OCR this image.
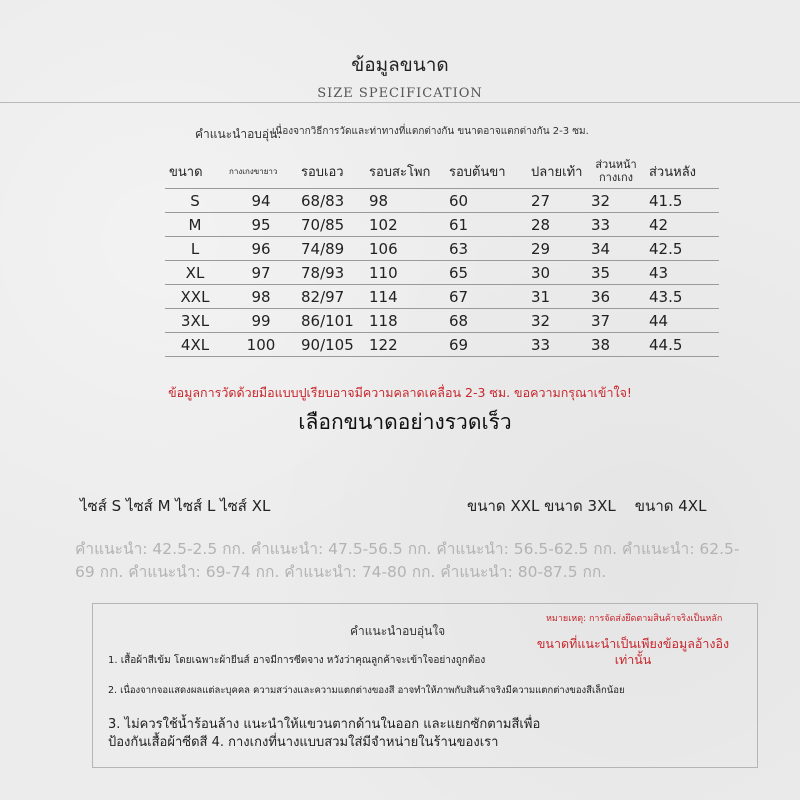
ข้อมูลขนาด
SIZE SPECIFICATION
คำแนะนำอบอุ่น:
เนื่องจากวิธีการวัดและท่าทางที่แตกต่างกัน ขนาดอาจแตกต่างกัน 2-3 ซม.
ขนาด	กางเกงขายาว	รอบเอว	รอบสะโพก	รอบต้นขา	ปลายเท้า	ส่วนหน้ากางเกง	ส่วนหลัง
S	94	68/83	98	60	27	32	41.5
M	95	70/85	102	61	28	33	42
L	96	74/89	106	63	29	34	42.5
XL	97	78/93	110	65	30	35	43
XXL	98	82/97	114	67	31	36	43.5
3XL	99	86/101	118	68	32	37	44
4XL	100	90/105	122	69	33	38	44.5
ข้อมูลการวัดด้วยมือแบบปูเรียบอาจมีความคลาดเคลื่อน 2-3 ซม. ขอความกรุณาเข้าใจ!
เลือกขนาดอย่างรวดเร็ว
ไซส์ S ไซส์ M ไซส์ L ไซส์ XL	ขนาด XXL ขนาด 3XL    ขนาด 4XL
คำแนะนำ: 42.5-2.5 กก. คำแนะนำ: 47.5-56.5 กก. คำแนะนำ: 56.5-62.5 กก. คำแนะนำ: 62.5-69 กก. คำแนะนำ: 69-74 กก. คำแนะนำ: 74-80 กก. คำแนะนำ: 80-87.5 กก.
คำแนะนำอบอุ่นใจ
หมายเหตุ: การจัดส่งยึดตามสินค้าจริงเป็นหลัก
ขนาดที่แนะนำเป็นเพียงข้อมูลอ้างอิงเท่านั้น
1. เสื้อผ้าสีเข้ม โดยเฉพาะผ้ายีนส์ อาจมีการซีดจาง หวังว่าคุณลูกค้าจะเข้าใจอย่างถูกต้อง
2. เนื่องจากจอแสดงผลแต่ละบุคคล ความสว่างและความแตกต่างของสี อาจทำให้ภาพกับสินค้าจริงมีความแตกต่างของสีเล็กน้อย
3. ไม่ควรใช้น้ำร้อนล้าง แนะนำให้แขวนตากด้านในออก และแยกซักตามสีเพื่อป้องกันเสื้อผ้าซีดสี 4. กางเกงที่นางแบบสวมใส่มีจำหน่ายในร้านของเรา
